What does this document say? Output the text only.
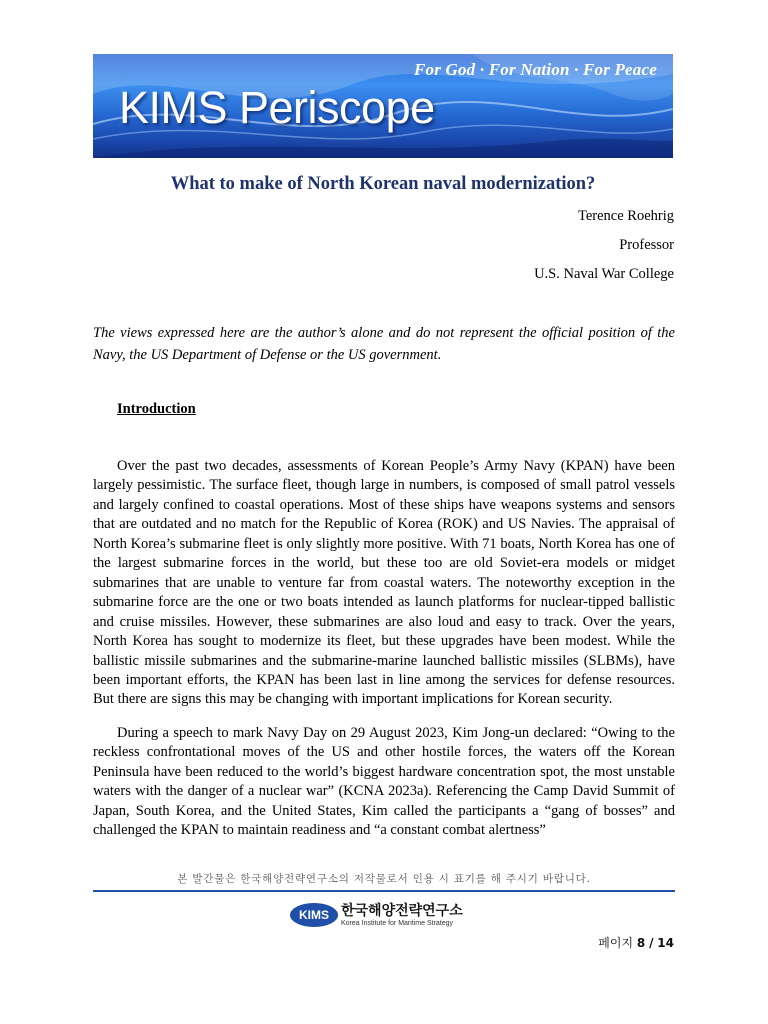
For God · For Nation · For Peace
KIMS Periscope
What to make of North Korean naval modernization?
Terence Roehrig
Professor
U.S. Naval War College
The views expressed here are the author’s alone and do not represent the official position of the Navy, the US Department of Defense or the US government.
Introduction

Over the past two decades, assessments of Korean People’s Army Navy (KPAN) have been largely pessimistic. The surface fleet, though large in numbers, is composed of small patrol vessels and largely confined to coastal operations. Most of these ships have weapons systems and sensors that are outdated and no match for the Republic of Korea (ROK) and US Navies. The appraisal of North Korea’s submarine fleet is only slightly more positive. With 71 boats, North Korea has one of the largest submarine forces in the world, but these too are old Soviet-era models or midget submarines that are unable to venture far from coastal waters. The noteworthy exception in the submarine force are the one or two boats intended as launch platforms for nuclear-tipped ballistic and cruise missiles. However, these submarines are also loud and easy to track. Over the years, North Korea has sought to modernize its fleet, but these upgrades have been modest. While the ballistic missile submarines and the submarine-marine launched ballistic missiles (SLBMs), have been important efforts, the KPAN has been last in line among the services for defense resources. But there are signs this may be changing with important implications for Korean security.

During a speech to mark Navy Day on 29 August 2023, Kim Jong-un declared: “Owing to the reckless confrontational moves of the US and other hostile forces, the waters off the Korean Peninsula have been reduced to the world’s biggest hardware concentration spot, the most unstable waters with the danger of a nuclear war” (KCNA 2023a). Referencing the Camp David Summit of Japan, South Korea, and the United States, Kim called the participants a “gang of bosses” and challenged the KPAN to maintain readiness and “a constant combat alertness”

본 발간물은 한국해양전략연구소의 저작물로서 인용 시 표기를 해 주시기 바랍니다.
KIMS 한국해양전략연구소
Korea Institute for Maritime Strategy
페이지 8 / 14
